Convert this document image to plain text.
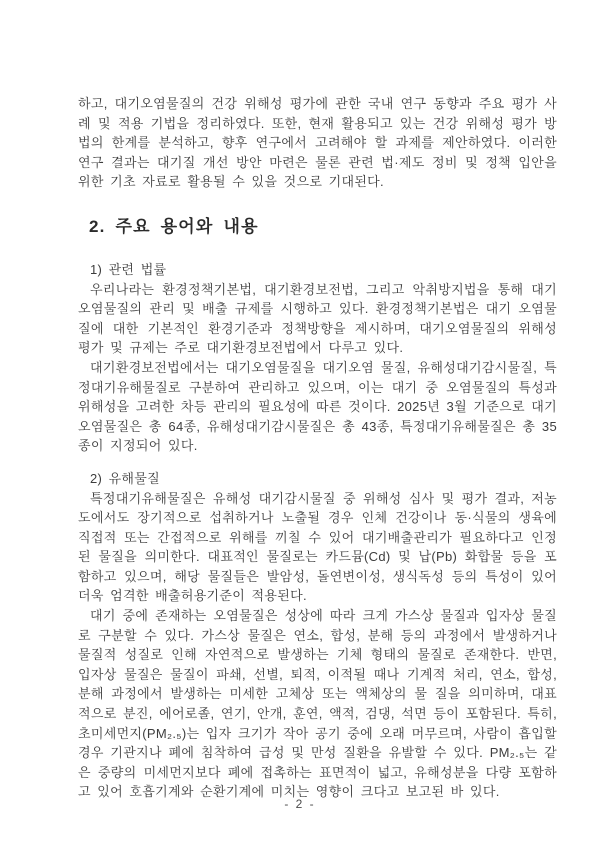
하고, 대기오염물질의 건강 위해성 평가에 관한 국내 연구 동향과 주요 평가 사례 및 적용 기법을 정리하였다. 또한, 현재 활용되고 있는 건강 위해성 평가 방법의 한계를 분석하고, 향후 연구에서 고려해야 할 과제를 제안하였다. 이러한 연구 결과는 대기질 개선 방안 마련은 물론 관련 법·제도 정비 및 정책 입안을 위한 기초 자료로 활용될 수 있을 것으로 기대된다.

2. 주요 용어와 내용

1) 관련 법률

우리나라는 환경정책기본법, 대기환경보전법, 그리고 악취방지법을 통해 대기오염물질의 관리 및 배출 규제를 시행하고 있다. 환경정책기본법은 대기 오염물질에 대한 기본적인 환경기준과 정책방향을 제시하며, 대기오염물질의 위해성 평가 및 규제는 주로 대기환경보전법에서 다루고 있다.

대기환경보전법에서는 대기오염물질을 대기오염 물질, 유해성대기감시물질, 특정대기유해물질로 구분하여 관리하고 있으며, 이는 대기 중 오염물질의 특성과 위해성을 고려한 차등 관리의 필요성에 따른 것이다. 2025년 3월 기준으로 대기오염물질은 총 64종, 유해성대기감시물질은 총 43종, 특정대기유해물질은 총 35종이 지정되어 있다.

2) 유해물질

특정대기유해물질은 유해성 대기감시물질 중 위해성 심사 및 평가 결과, 저농도에서도 장기적으로 섭취하거나 노출될 경우 인체 건강이나 동·식물의 생육에 직접적 또는 간접적으로 위해를 끼칠 수 있어 대기배출관리가 필요하다고 인정된 물질을 의미한다. 대표적인 물질로는 카드뮴(Cd) 및 납(Pb) 화합물 등을 포함하고 있으며, 해당 물질들은 발암성, 돌연변이성, 생식독성 등의 특성이 있어 더욱 엄격한 배출허용기준이 적용된다.

대기 중에 존재하는 오염물질은 성상에 따라 크게 가스상 물질과 입자상 물질로 구분할 수 있다. 가스상 물질은 연소, 합성, 분해 등의 과정에서 발생하거나 물질적 성질로 인해 자연적으로 발생하는 기체 형태의 물질로 존재한다. 반면, 입자상 물질은 물질이 파쇄, 선별, 퇴적, 이적될 때나 기계적 처리, 연소, 합성, 분해 과정에서 발생하는 미세한 고체상 또는 액체상의 물 질을 의미하며, 대표적으로 분진, 에어로졸, 연기, 안개, 훈연, 액적, 검댕, 석면 등이 포함된다. 특히, 초미세먼지(PM₂.₅)는 입자 크기가 작아 공기 중에 오래 머무르며, 사람이 흡입할 경우 기관지나 폐에 침착하여 급성 및 만성 질환을 유발할 수 있다. PM₂.₅는 같은 중량의 미세먼지보다 폐에 접촉하는 표면적이 넓고, 유해성분을 다량 포함하고 있어 호흡기계와 순환기계에 미치는 영향이 크다고 보고된 바 있다.

- 2 -
